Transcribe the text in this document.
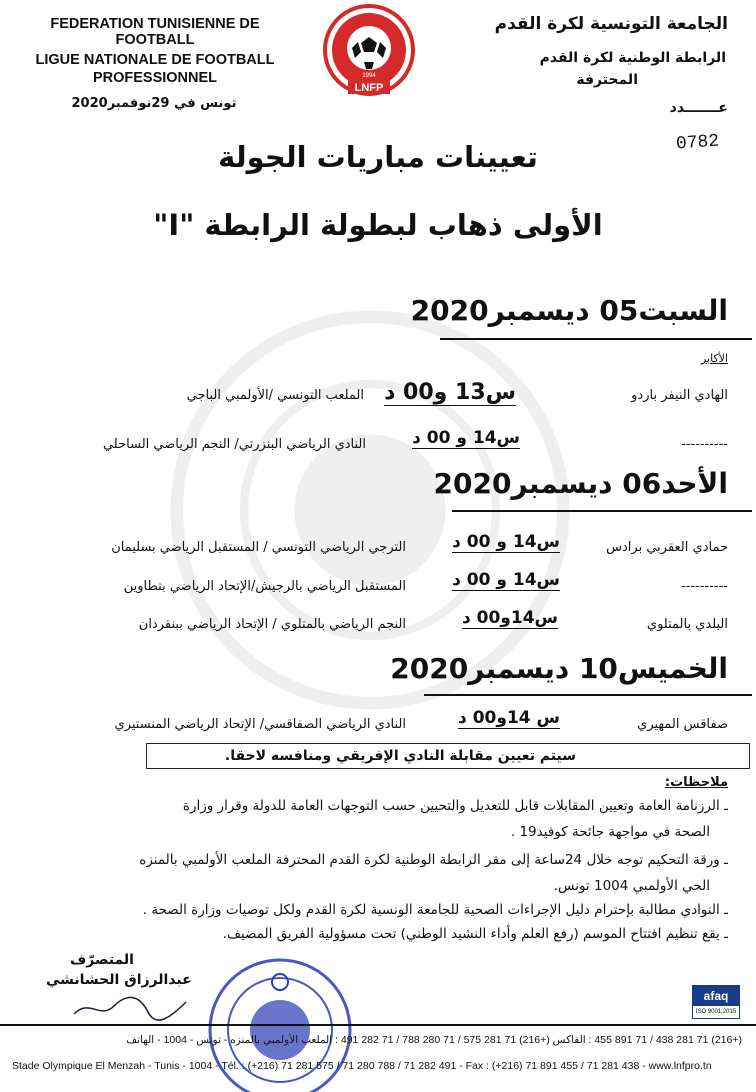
FEDERATION TUNISIENNE DE FOOTBALL
LIGUE NATIONALE DE FOOTBALL
PROFESSIONNEL
تونس في 29نوفمبر2020
LNFP
1994
الجامعة التونسية لكرة القدم
الرابطة الوطنية لكرة القدم
المحترفة
عـــــــدد
0782
تعيينات مباريات الجولة
الأولى ذهاب لبطولة الرابطة "I"
السبت05 ديسمبر2020
الأكابر
الهادي النيفر باردو
س13 و00 د
الملعب التونسي /الأولمبي الباجي
----------
س14 و 00 د
النادي الرياضي البنزرتي/ النجم الرياضي الساحلي
الأحد06 ديسمبر2020
حمادي العقربي برادس
س14 و 00 د
الترجي الرياضي التونسي / المستقبل الرياضي بسليمان
----------
س14 و 00 د
المستقبل الرياضي بالرجيش/الإتحاد الرياضي بتطاوين
البلدي بالمتلوي
س14و00 د
النجم الرياضي بالمتلوي / الإتحاد الرياضي ببنقردان
الخميس10 ديسمبر2020
صفاقس المهيري
س 14و00 د
النادي الرياضي الصفاقسي/ الإتحاد الرياضي المنستيري
سيتم تعيين مقابلة النادي الإفريقي ومنافسه لاحقا.
ملاحظات:
ـ الرزنامة العامة وتعيين المقابلات قابل للتعديل والتحيين حسب التوجهات العامة للدولة وقرار وزارة
الصحة في مواجهة جائحة كوفيد19 .
ـ ورقة التحكيم توجه خلال 24ساعة إلى مقر الرابطة الوطنية لكرة القدم المحترفة الملعب الأولمبي بالمنزه
الحي الأولمبي 1004 تونس.
ـ النوادي مطالبة بإحترام دليل الإجراءات الصحية للجامعة الونسية لكرة القدم ولكل توصيات وزارة الصحة .
ـ يقع تنظيم افتتاح الموسم (رفع العلم وأداء النشيد الوطني) تحت مسؤولية الفريق المضيف.
المتصرّف
عبدالرزاق الحشانشي
afaq
ISO 9001:2015
(+216) 71 281 438 / 71 891 455 : الفاكس (+216) 71 281 575 / 71 280 788 / 71 282 491 : الملعب الأولمبي بالمنزه - تونس - 1004 - الهاتف
Stade Olympique El Menzah - Tunis - 1004 - Tél. : (+216) 71 281 575 / 71 280 788 / 71 282 491 - Fax : (+216) 71 891 455 / 71 281 438 - www.lnfpro.tn
